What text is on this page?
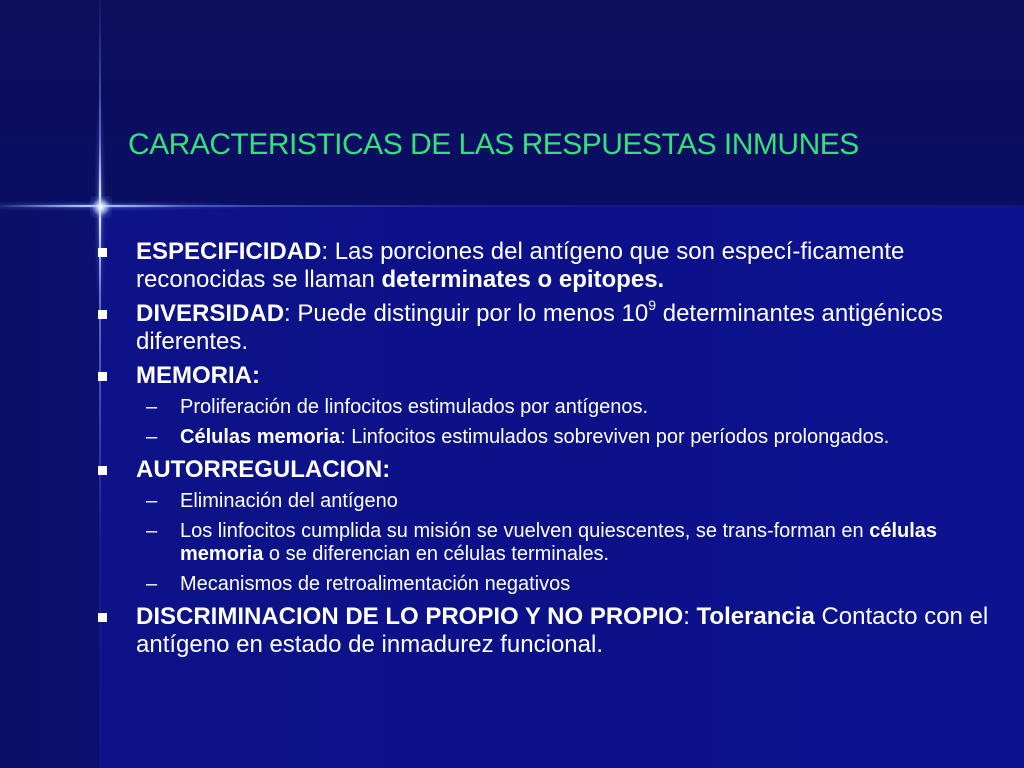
CARACTERISTICAS DE LAS RESPUESTAS INMUNES
ESPECIFICIDAD: Las porciones del antígeno que son especí-ficamente reconocidas se llaman determinates o epitopes.
DIVERSIDAD: Puede distinguir por lo menos $10^9$ determinantes antigénicos diferentes.
MEMORIA:
– Proliferación de linfocitos estimulados por antígenos.
– Células memoria: Linfocitos estimulados sobreviven por períodos prolongados.
AUTORREGULACION:
– Eliminación del antígeno
– Los linfocitos cumplida su misión se vuelven quiescentes, se trans-forman en células memoria o se diferencian en células terminales.
– Mecanismos de retroalimentación negativos
DISCRIMINACION DE LO PROPIO Y NO PROPIO: Tolerancia Contacto con el antígeno en estado de inmadurez funcional.
